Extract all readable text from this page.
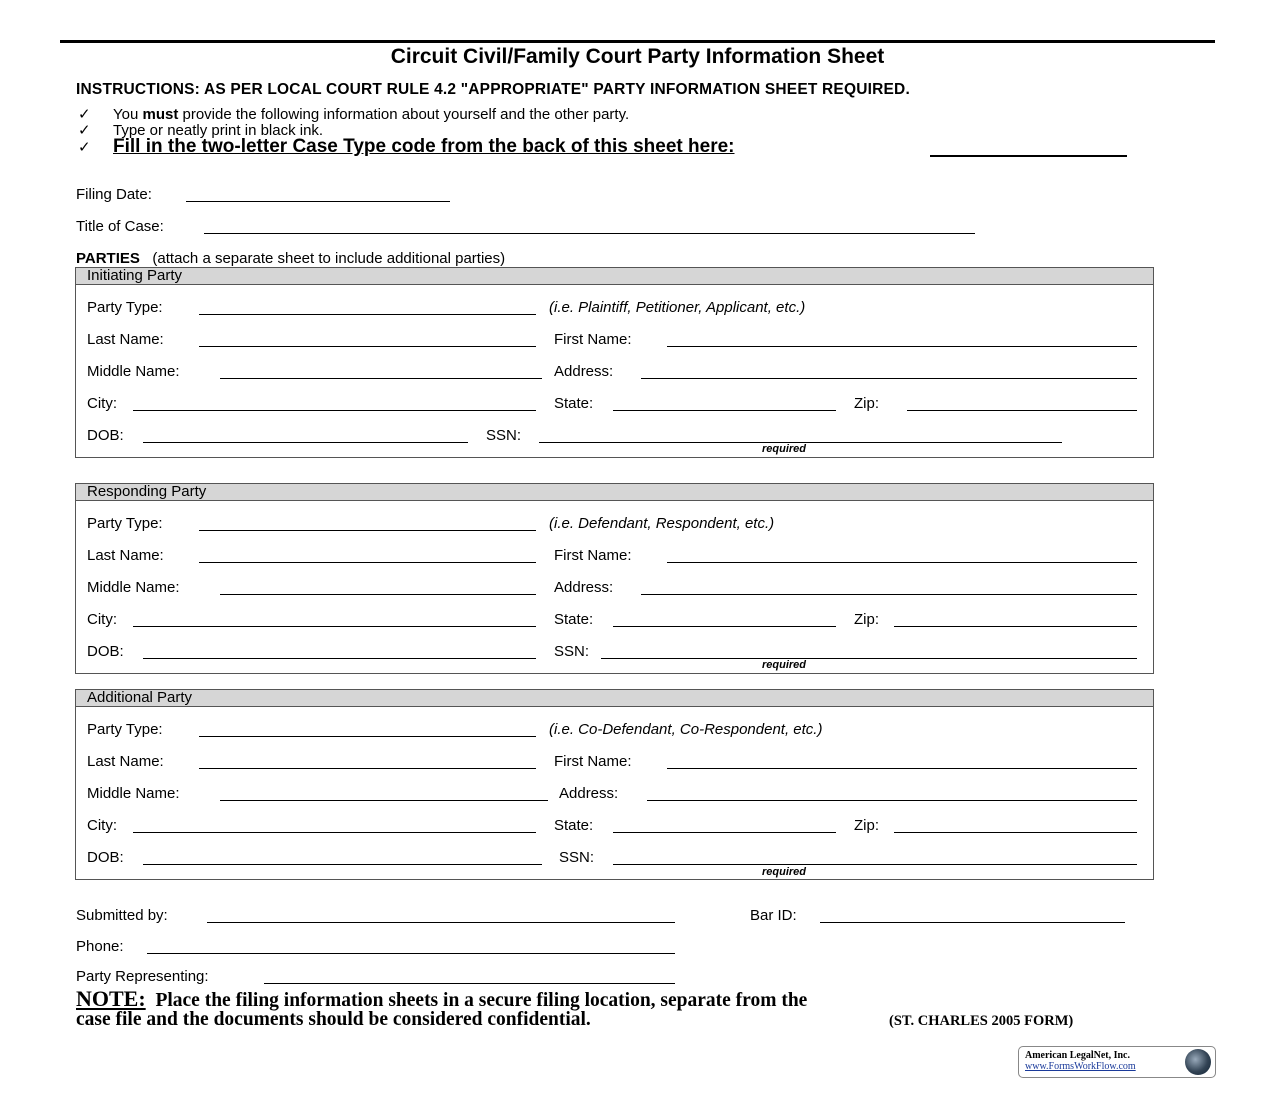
Circuit Civil/Family Court Party Information Sheet
INSTRUCTIONS: AS PER LOCAL COURT RULE 4.2 "APPROPRIATE" PARTY INFORMATION SHEET REQUIRED.
✓ You must provide the following information about yourself and the other party.
✓ Type or neatly print in black ink.
✓ Fill in the two-letter Case Type code from the back of this sheet here:
Filing Date:
Title of Case:
PARTIES (attach a separate sheet to include additional parties)
Initiating Party
Party Type:	(i.e. Plaintiff, Petitioner, Applicant, etc.)
Last Name:	First Name:
Middle Name:	Address:
City:	State:	Zip:
DOB:	SSN:
required
Responding Party
Party Type:	(i.e. Defendant, Respondent, etc.)
Last Name:	First Name:
Middle Name:	Address:
City:	State:	Zip:
DOB:	SSN:
required
Additional Party
Party Type:	(i.e. Co-Defendant, Co-Respondent, etc.)
Last Name:	First Name:
Middle Name:	Address:
City:	State:	Zip:
DOB:	SSN:
required
Submitted by:	Bar ID:
Phone:
Party Representing:
NOTE: Place the filing information sheets in a secure filing location, separate from the
case file and the documents should be considered confidential.	(ST. CHARLES 2005 FORM)
American LegalNet, Inc.
www.FormsWorkFlow.com
